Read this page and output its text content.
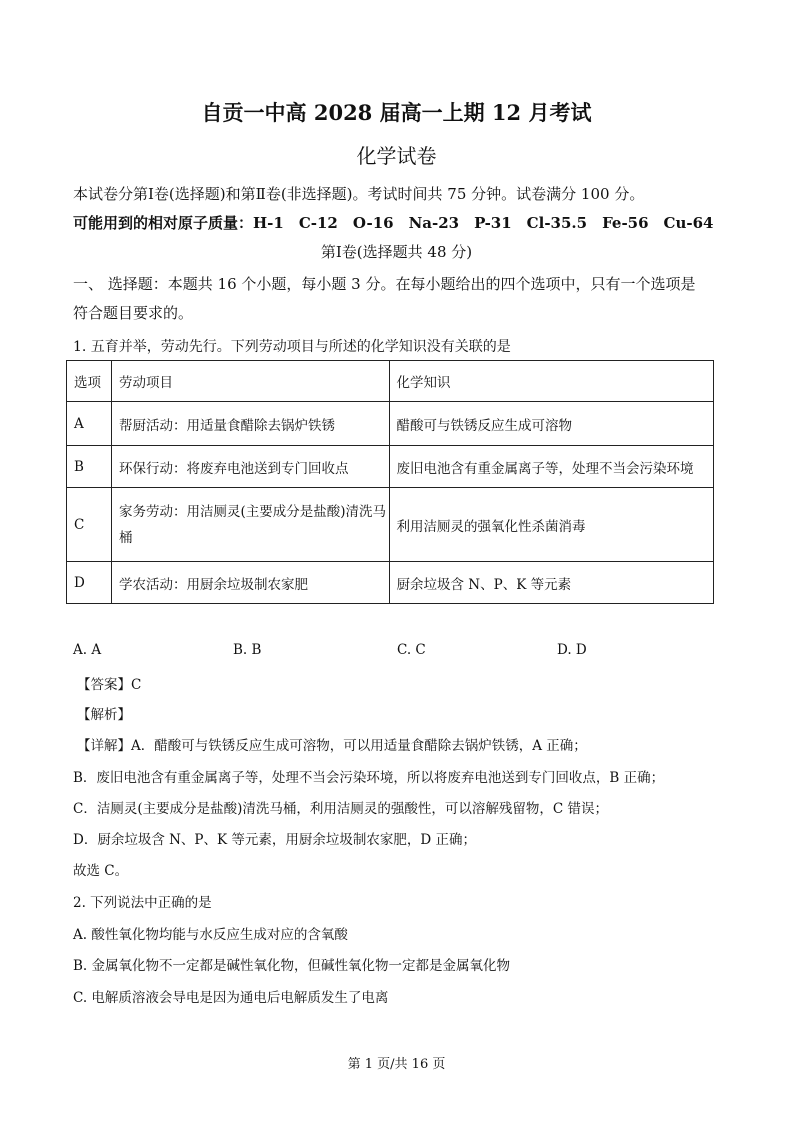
自贡一中高 2028 届高一上期 12 月考试
化学试卷
本试卷分第Ⅰ卷(选择题)和第Ⅱ卷(非选择题)。考试时间共 75 分钟。试卷满分 100 分。
可能用到的相对原子质量：H-1　C-12　O-16　Na-23　P-31　Cl-35.5　Fe-56　Cu-64
第Ⅰ卷(选择题共 48 分)
一、 选择题：本题共 16 个小题，每小题 3 分。在每小题给出的四个选项中，只有一个选项是
符合题目要求的。
1. 五育并举，劳动先行。下列劳动项目与所述的化学知识没有关联的是
选项	劳动项目	化学知识
A	帮厨活动：用适量食醋除去锅炉铁锈	醋酸可与铁锈反应生成可溶物
B	环保行动：将废弃电池送到专门回收点	废旧电池含有重金属离子等，处理不当会污染环境
C	家务劳动：用洁厕灵(主要成分是盐酸)清洗马桶	利用洁厕灵的强氧化性杀菌消毒
D	学农活动：用厨余垃圾制农家肥	厨余垃圾含 N、P、K 等元素
A. A	B. B	C. C	D. D
【答案】C
【解析】
【详解】A．醋酸可与铁锈反应生成可溶物，可以用适量食醋除去锅炉铁锈，A 正确；
B．废旧电池含有重金属离子等，处理不当会污染环境，所以将废弃电池送到专门回收点，B 正确；
C．洁厕灵(主要成分是盐酸)清洗马桶，利用洁厕灵的强酸性，可以溶解残留物，C 错误；
D．厨余垃圾含 N、P、K 等元素，用厨余垃圾制农家肥，D 正确；
故选 C。
2. 下列说法中正确的是
A. 酸性氧化物均能与水反应生成对应的含氧酸
B. 金属氧化物不一定都是碱性氧化物，但碱性氧化物一定都是金属氧化物
C. 电解质溶液会导电是因为通电后电解质发生了电离
第 1 页/共 16 页
